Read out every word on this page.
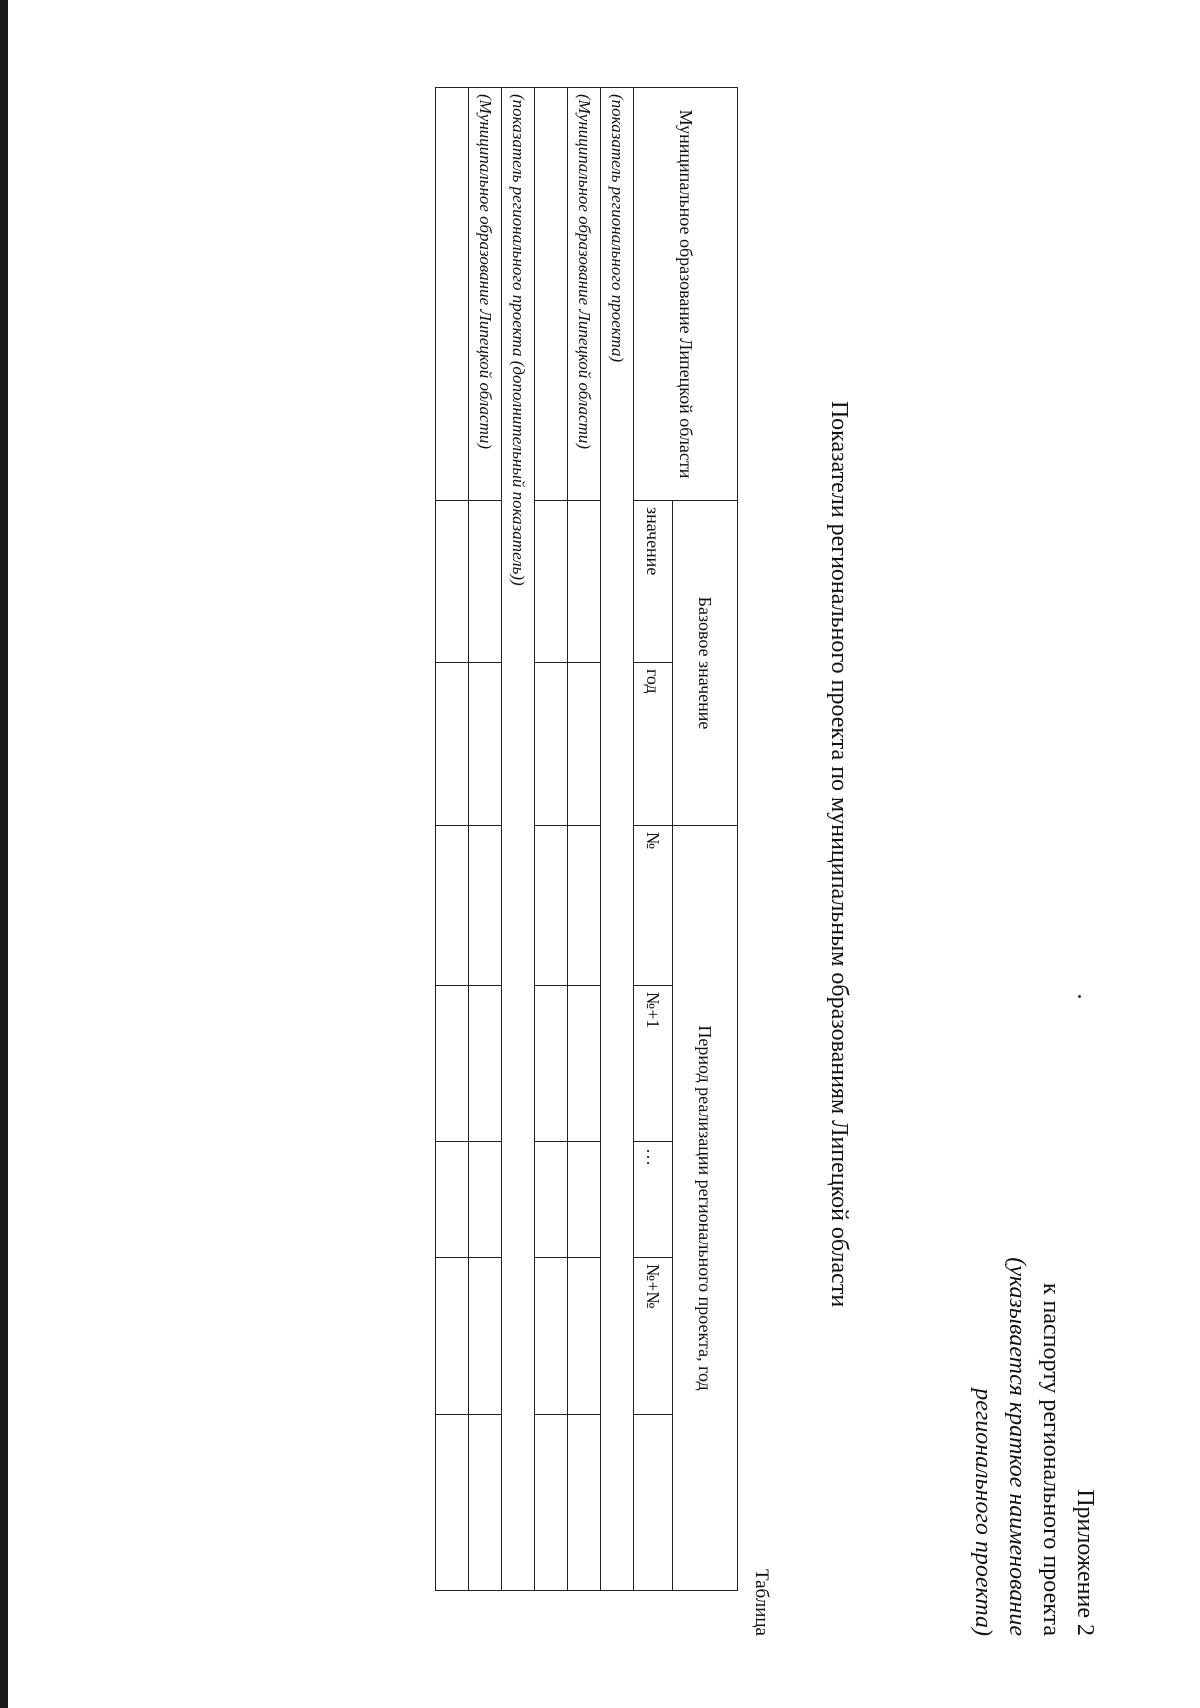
Приложение 2
к паспорту регионального проекта
(указывается краткое наименование
регионального проекта)
Показатели регионального проекта по муниципальным образованиям Липецкой области
Таблица
Муниципальное образование Липецкой области	Базовое значение		Период реализации регионального проекта, год				
	значение	год	№	№+1	…	№+№	
(показатель регионального проекта)							
(Муниципальное образование Липецкой области)							

(показатель регионального проекта (дополнительный показатель))							
(Муниципальное образование Липецкой области)							
